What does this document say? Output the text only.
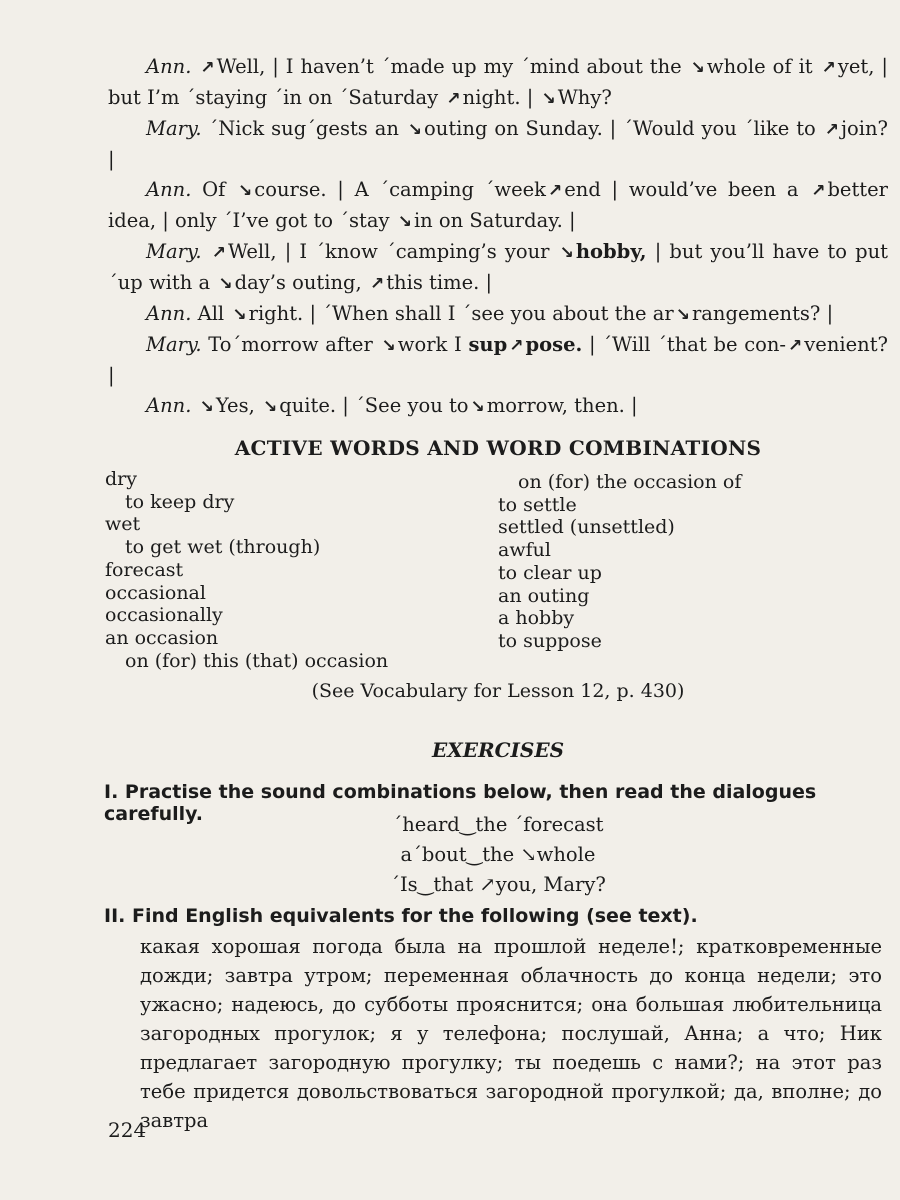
Ann. ↗ Well, | I haven’t ´made up my ´mind about the ↘ whole of it ↗ yet, | but I’m ´staying ´in on ´Saturday ↗ night. | ↘ Why?

Mary. ´Nick sug´gests an ↘ outing on Sunday. | ´Would you ´like to ↗ join? |

Ann. Of ↘ course. | A ´camping ´week ↗ end | would’ve been a ↗ better idea, | only ´I’ve got to ´stay ↘ in on Saturday. |

Mary. ↗ Well, | I ´know ´camping’s your ↘ hobby, | but you’ll have to put ´up with a ↘ day’s outing, ↗ this time. |

Ann. All ↘ right. | ´When shall I ´see you about the ar ↘ rangements? |

Mary. To´morrow after ↘ work I sup ↗ pose. | ´Will ´that be con- ↗ venient? |

Ann. ↘ Yes, ↘ quite. | ´See you to ↘ morrow, then. |

ACTIVE WORDS AND WORD COMBINATIONS
dry
to keep dry
wet
to get wet (through)
forecast
occasional
occasionally
an occasion
on (for) this (that) occasion
on (for) the occasion of
to settle
settled (unsettled)
awful
to clear up
an outing
a hobby
to suppose
(See Vocabulary for Lesson 12, p. 430)
EXERCISES
I. Practise the sound combinations below, then read the dialogues carefully.	´heard‿the ´forecast
a´bout‿the ↘whole
´Is‿that ↗you, Mary?
II. Find English equivalents for the following (see text).
какая хорошая погода была на прошлой неделе!; кратковременные дожди; завтра утром; переменная облачность до конца недели; это ужасно; надеюсь, до субботы прояснится; она большая любительница загородных прогулок; я у телефона; послушай, Анна; а что; Ник предлагает загородную прогулку; ты поедешь с нами?; на этот раз тебе придется довольствоваться загородной прогулкой; да, вполне; до завтра
224
